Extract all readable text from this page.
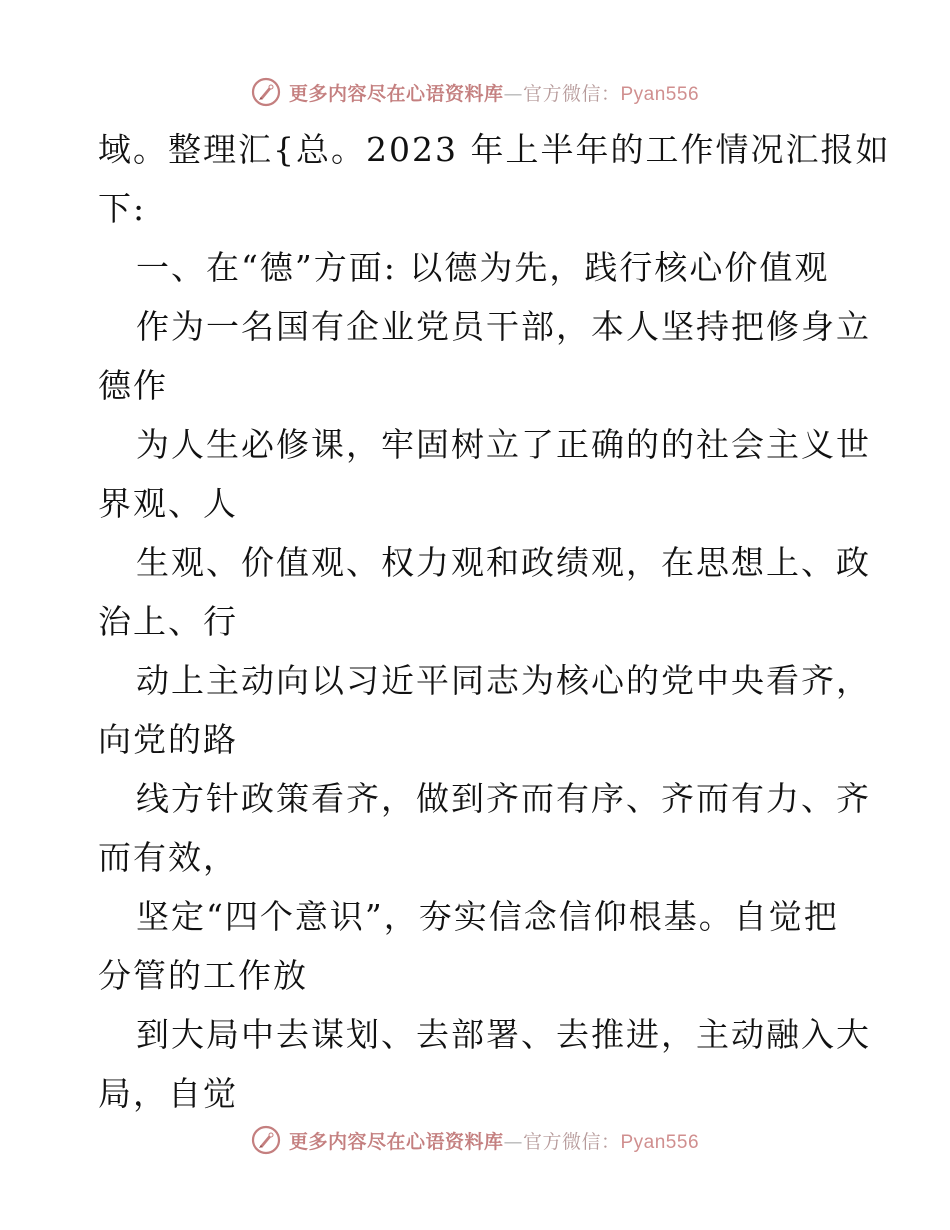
更多内容尽在心语资料库—官方微信：Pyan556
域。整理汇{总。2023 年上半年的工作情况汇报如
下:
一、在“德”方面: 以德为先，践行核心价值观
作为一名国有企业党员干部，本人坚持把修身立
德作
为人生必修课，牢固树立了正确的的社会主义世
界观、人
生观、价值观、权力观和政绩观，在思想上、政
治上、行
动上主动向以习近平同志为核心的党中央看齐，
向党的路
线方针政策看齐，做到齐而有序、齐而有力、齐
而有效，
坚定“四个意识”，夯实信念信仰根基。自觉把
分管的工作放
到大局中去谋划、去部署、去推进，主动融入大
局，自觉
更多内容尽在心语资料库—官方微信：Pyan556
